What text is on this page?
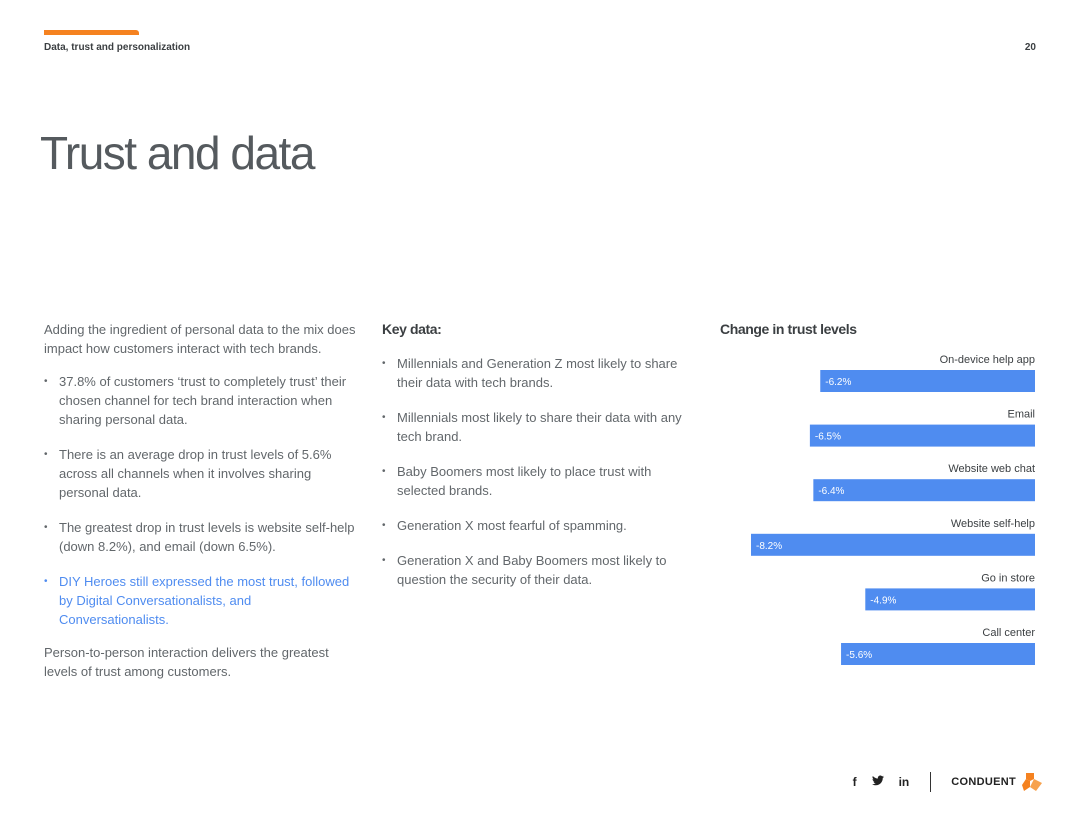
Data, trust and personalization	20
Trust and data

Adding the ingredient of personal data to the mix does impact how customers interact with tech brands.

• 37.8% of customers ‘trust to completely trust’ their chosen channel for tech brand interaction when sharing personal data.
• There is an average drop in trust levels of 5.6% across all channels when it involves sharing personal data.
• The greatest drop in trust levels is website self-help (down 8.2%), and email (down 6.5%).
• DIY Heroes still expressed the most trust, followed by Digital Conversationalists, and Conversationalists.

Person-to-person interaction delivers the greatest levels of trust among customers.

Key data:
• Millennials and Generation Z most likely to share their data with tech brands.
• Millennials most likely to share their data with any tech brand.
• Baby Boomers most likely to place trust with selected brands.
• Generation X most fearful of spamming.
• Generation X and Baby Boomers most likely to question the security of their data.
Change in trust levels
On-device help app
-6.2%
Email
-6.5%
Website web chat
-6.4%
Website self-help
-8.2%
Go in store
-4.9%
Call center
-5.6%
f	in	CONDUENT
